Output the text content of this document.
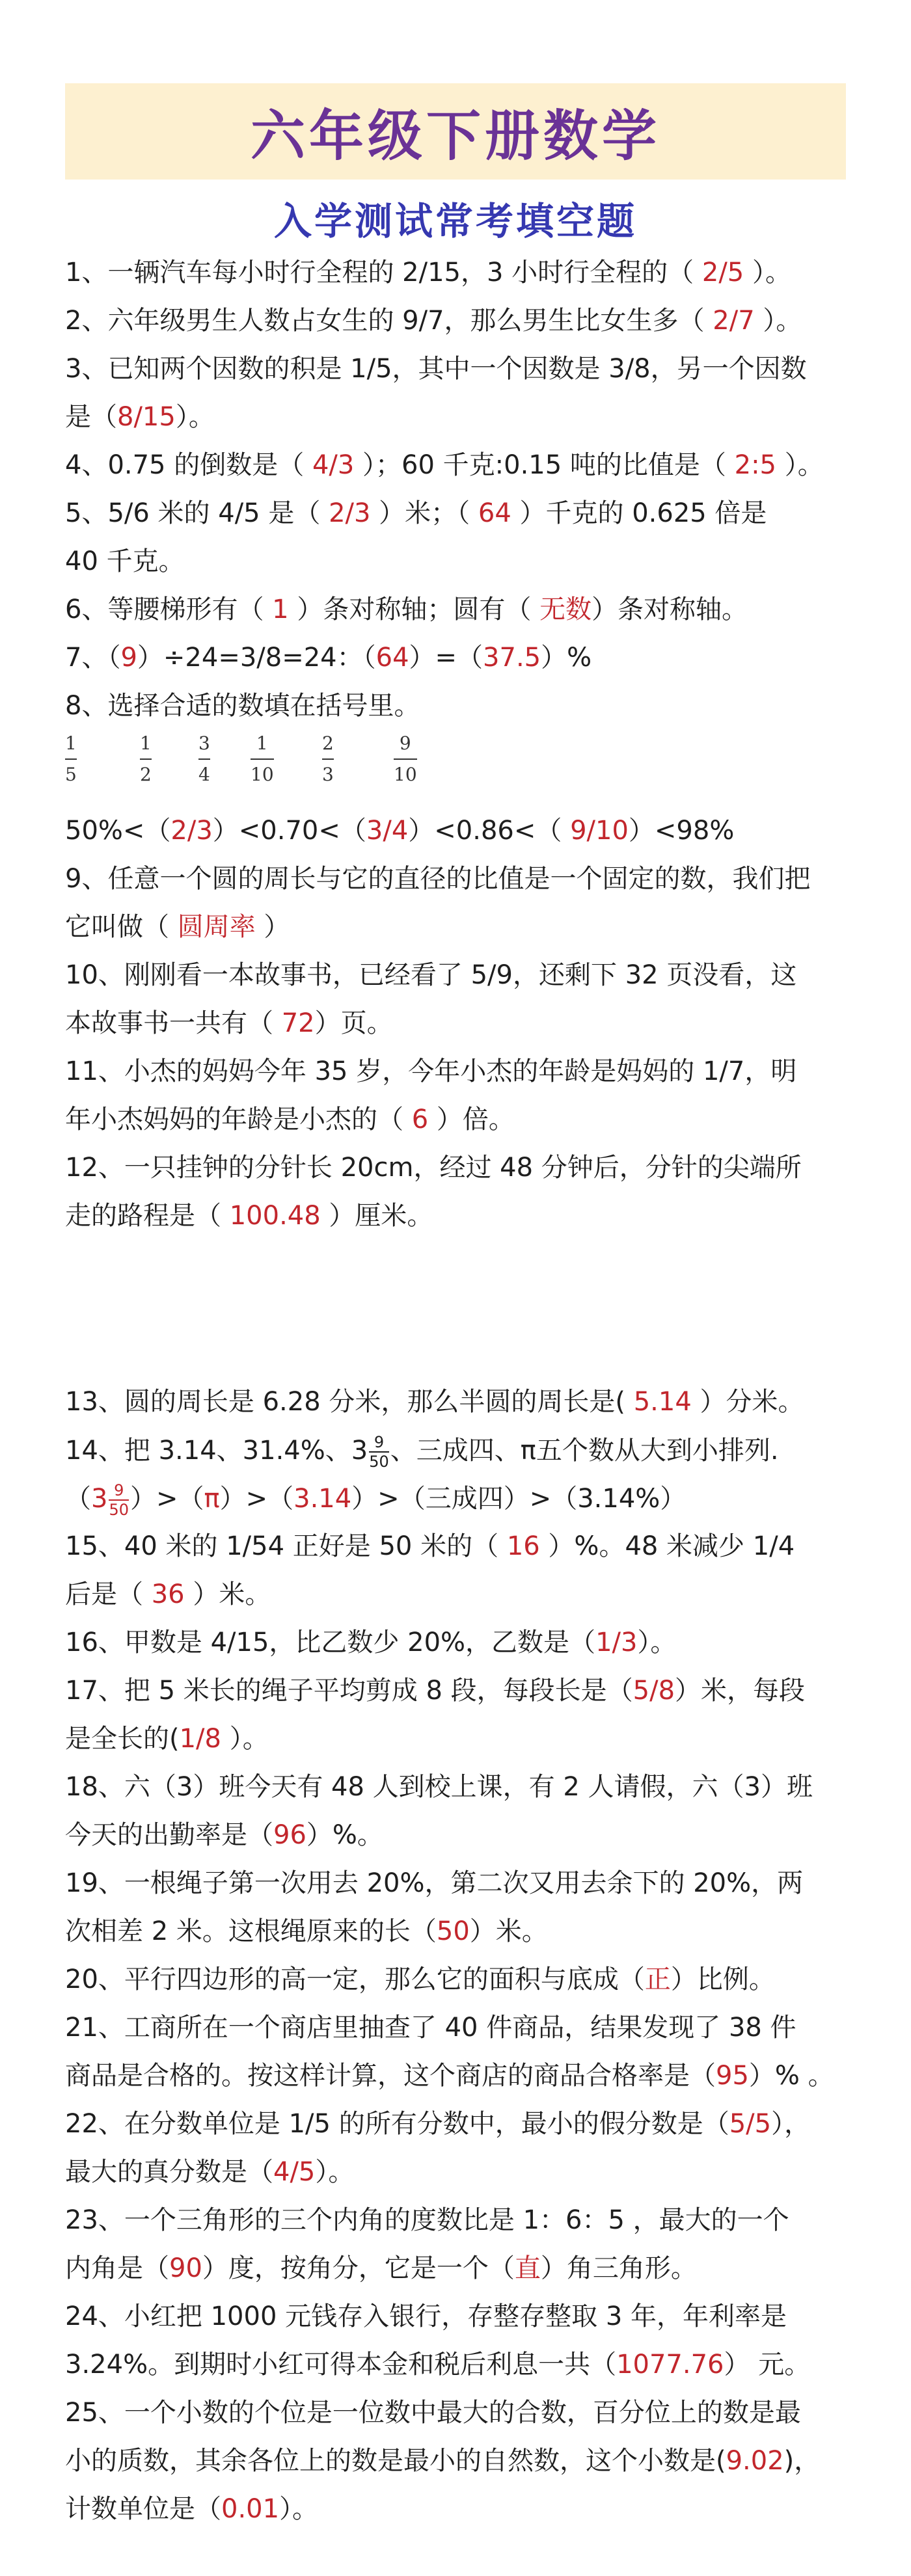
六年级下册数学
入学测试常考填空题
1、一辆汽车每小时行全程的 2/15，3 小时行全程的（ 2/5 ）。
2、六年级男生人数占女生的 9/7，那么男生比女生多（ 2/7 ）。
3、已知两个因数的积是 1/5，其中一个因数是 3/8，另一个因数
是（8/15）。
4、0.75 的倒数是（ 4/3 ）；60 千克:0.15 吨的比值是（ 2:5 ）。
5、5/6 米的 4/5 是（ 2/3 ）米；（ 64 ）千克的 0.625 倍是
40 千克。
6、等腰梯形有（ 1 ）条对称轴；圆有（ 无数）条对称轴。
7、（9）÷24=3/8=24：（64）=（37.5）%
8、选择合适的数填在括号里。
1
5
1
2
3
4
1
10
2
3
9
10
50%<（2/3）<0.70<（3/4）<0.86<（ 9/10）<98%
9、任意一个圆的周长与它的直径的比值是一个固定的数，我们把
它叫做（ 圆周率 ）
10、刚刚看一本故事书，已经看了 5/9，还剩下 32 页没看，这
本故事书一共有（ 72）页。
11、小杰的妈妈今年 35 岁，今年小杰的年龄是妈妈的 1/7，明
年小杰妈妈的年龄是小杰的（ 6 ）倍。
12、一只挂钟的分针长 20cm，经过 48 分钟后，分针的尖端所
走的路程是（ 100.48 ）厘米。
13、圆的周长是 6.28 分米，那么半圆的周长是( 5.14 ）分米。
14、把 3.14、31.4%、$3 \frac{9}{50}$ 、三成四、π五个数从大到小排列.
$(3 \frac{9}{50} )>(\pi)>(3.14)>$（三成四）>（3.14%）
15、40 米的 1/54 正好是 50 米的（ 16 ）%。48 米减少 1/4
后是（ 36 ）米。
16、甲数是 4/15，比乙数少 20%，乙数是（1/3）。
17、把 5 米长的绳子平均剪成 8 段，每段长是（5/8）米，每段
是全长的(1/8 ）。
18、六（3）班今天有 48 人到校上课，有 2 人请假，六（3）班
今天的出勤率是（96）%。
19、一根绳子第一次用去 20%，第二次又用去余下的 20%，两
次相差 2 米。这根绳原来的长（50）米。
20、平行四边形的高一定，那么它的面积与底成（正）比例。
21、工商所在一个商店里抽查了 40 件商品，结果发现了 38 件
商品是合格的。按这样计算，这个商店的商品合格率是（95）% 。
22、在分数单位是 1/5 的所有分数中，最小的假分数是（5/5），
最大的真分数是（4/5）。
23、一个三角形的三个内角的度数比是 1：6：5 ，最大的一个
内角是（90）度，按角分，它是一个（直）角三角形。
24、小红把 1000 元钱存入银行，存整存整取 3 年，年利率是
3.24%。到期时小红可得本金和税后利息一共（1077.76） 元。
25、一个小数的个位是一位数中最大的合数，百分位上的数是最
小的质数，其余各位上的数是最小的自然数，这个小数是(9.02)，
计数单位是（0.01）。
